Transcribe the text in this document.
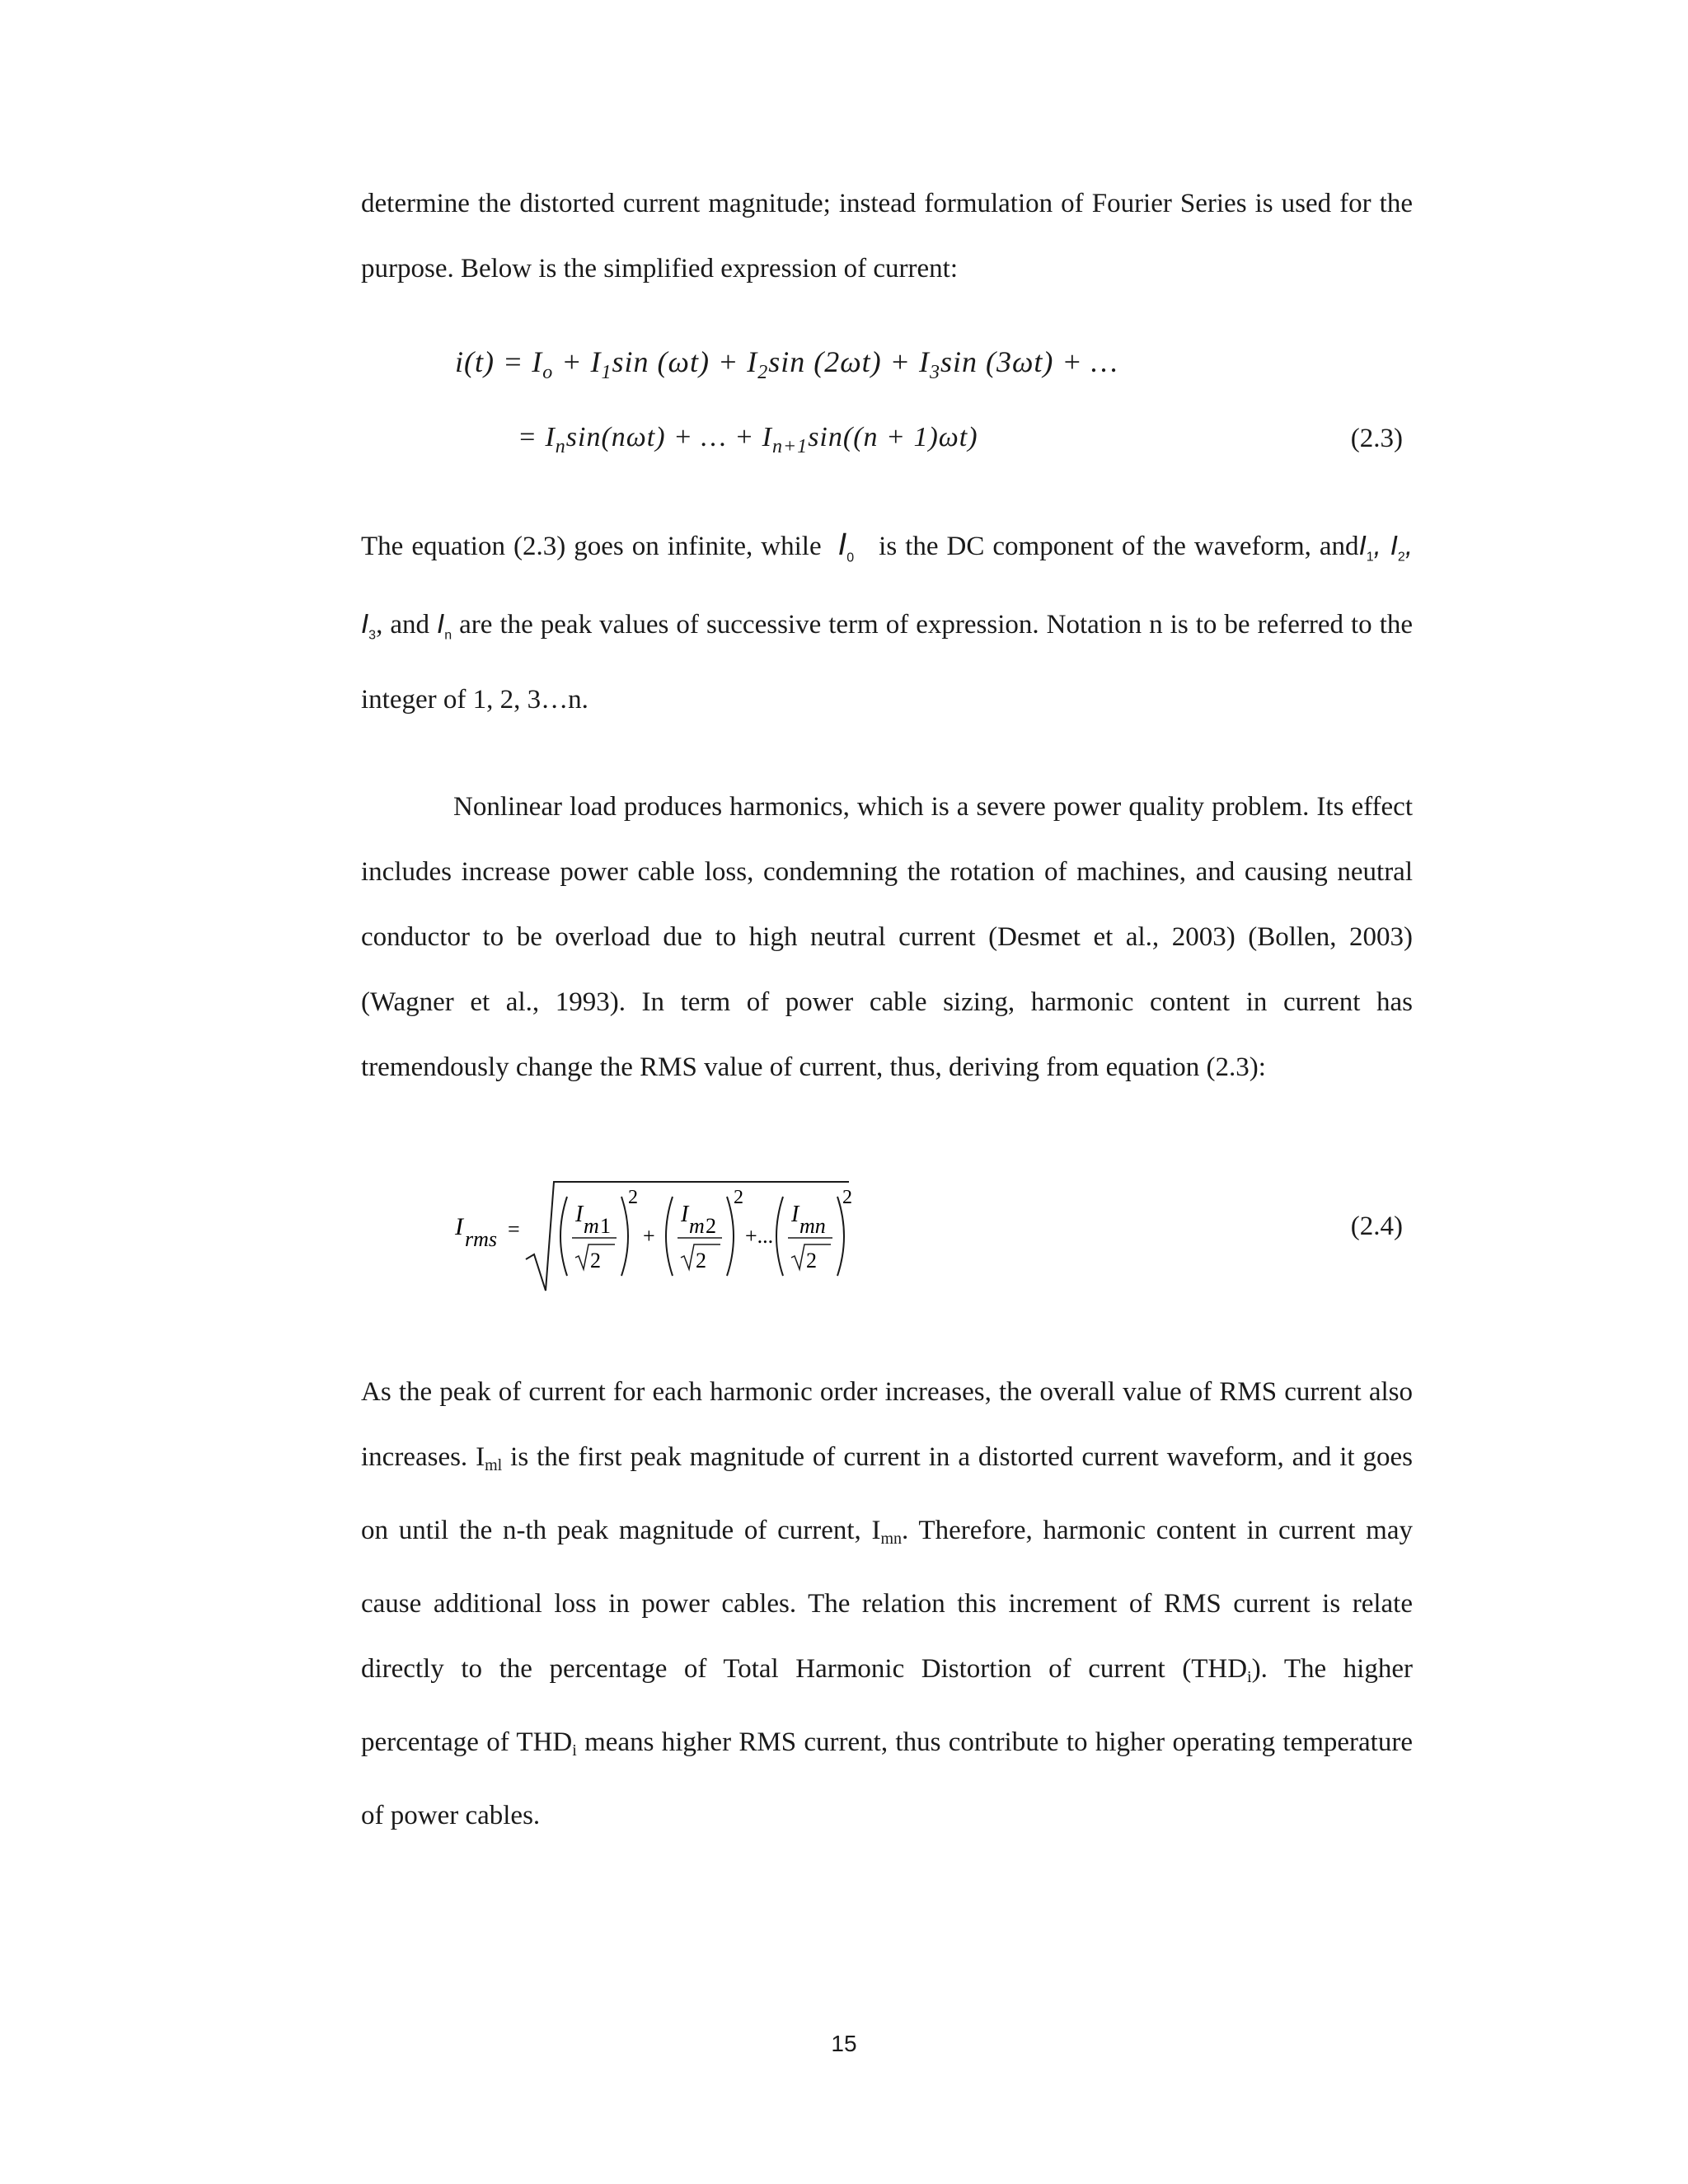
determine the distorted current magnitude; instead formulation of Fourier Series is used for the purpose. Below is the simplified expression of current:

$i(t) = I_o + I_1\sin$ $(\omega t) + I_2\sin$ $(2\omega t) + I_3\sin$ (3ωt) + …
= $I_n\sin(n\omega t)$ + … + $I_{n+1}\sin((n + 1)\omega t)$	(2.3)

The equation (2.3) goes on infinite, while $I_0$ is the DC component of the waveform, andI$_1$, $I_2$, $I_3$, and $I_n$ are the peak values of successive term of expression. Notation n is to be referred to the integer of 1, 2, 3…n.

Nonlinear load produces harmonics, which is a severe power quality problem. Its effect includes increase power cable loss, condemning the rotation of machines, and causing neutral conductor to be overload due to high neutral current (Desmet et al., 2003) (Bollen, 2003) (Wagner et al., 1993). In term of power cable sizing, harmonic content in current has tremendously change the RMS value of current, thus, deriving from equation (2.3):

I rms =
I m 1
2
2
+
I m 2
2
2
+...
I mn
2
2
(2.4)

As the peak of current for each harmonic order increases, the overall value of RMS current also increases. $I_{ml}$ is the first peak magnitude of current in a distorted current waveform, and it goes on until the n-th peak magnitude of current, $I_{mn}$. Therefore, harmonic content in current may cause additional loss in power cables. The relation this increment of RMS current is relate directly to the percentage of Total Harmonic Distortion of current $(THD_i)$. The higher percentage of $THD_i$ means higher RMS current, thus contribute to higher operating temperature of power cables.

15
